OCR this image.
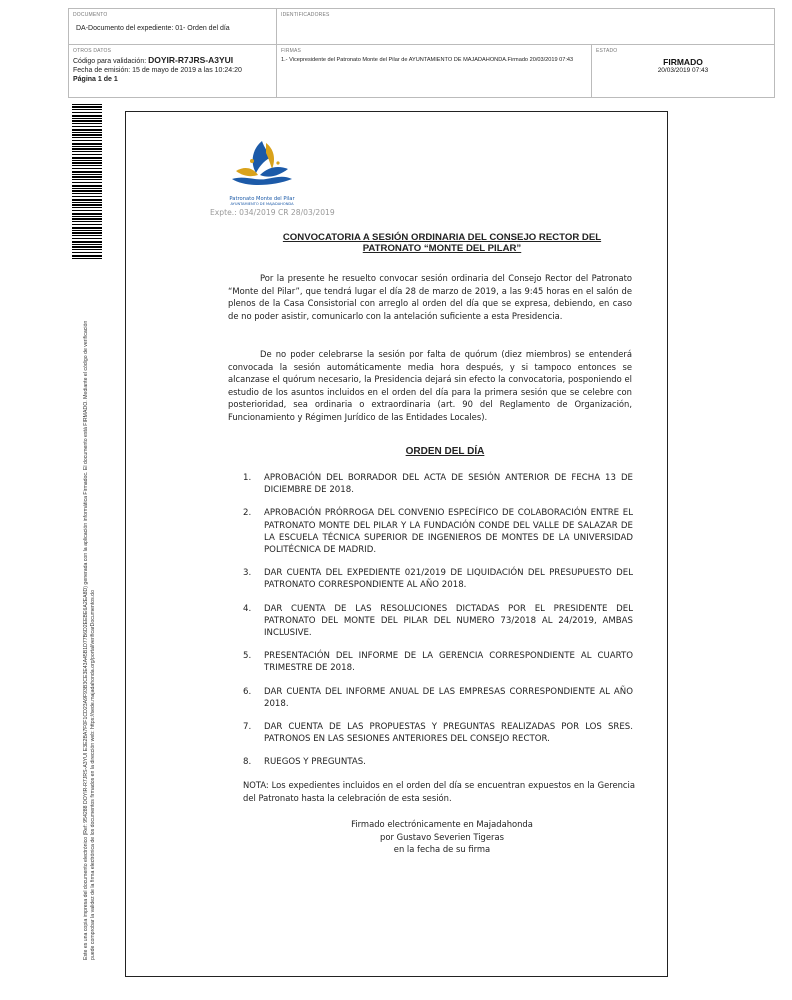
DOCUMENTO
DA-Documento del expediente: 01- Orden del día
IDENTIFICADORES
OTROS DATOS
Código para validación: DOYIR-R7JRS-A3YUI
Fecha de emisión: 15 de mayo de 2019 a las 10:24:20
Página 1 de 1
FIRMAS
1.- Vicepresidente del Patronato Monte del Pilar de AYUNTAMIENTO DE MAJADAHONDA.Firmado 20/03/2019 07:43
ESTADO
FIRMADO
20/03/2019 07:43
Este es una copia impresa del documento electrónico (Ref: 954288 DOYIR-R7JRS-A3YUI E3E2BA7F0F1CD23A9F93B3CE3E43A45B1D77B6D2EEBE6A2EA8D) generada con la aplicación informática Firmadoc. El documento está FIRMADO. Mediante el código de verificación puede comprobar la validez de la firma electrónica de los documentos firmados en la dirección web: https://sede.majadahonda.org/portal/verificarDocumentos.do
Patronato Monte del Pilar
AYUNTAMIENTO DE MAJADAHONDA
Expte.: 034/2019 CR 28/03/2019
CONVOCATORIA A SESIÓN ORDINARIA DEL CONSEJO RECTOR DEL
PATRONATO “MONTE DEL PILAR”
Por la presente he resuelto convocar sesión ordinaria del Consejo Rector del Patronato “Monte del Pilar”, que tendrá lugar el día 28 de marzo de 2019, a las 9:45 horas en el salón de plenos de la Casa Consistorial con arreglo al orden del día que se expresa, debiendo, en caso de no poder asistir, comunicarlo con la antelación suficiente a esta Presidencia.
De no poder celebrarse la sesión por falta de quórum (diez miembros) se entenderá convocada la sesión automáticamente media hora después, y si tampoco entonces se alcanzase el quórum necesario, la Presidencia dejará sin efecto la convocatoria, posponiendo el estudio de los asuntos incluidos en el orden del día para la primera sesión que se celebre con posterioridad, sea ordinaria o extraordinaria (art. 90 del Reglamento de Organización, Funcionamiento y Régimen Jurídico de las Entidades Locales).
ORDEN DEL DÍA
1. APROBACIÓN DEL BORRADOR DEL ACTA DE SESIÓN ANTERIOR DE FECHA 13 DE DICIEMBRE DE 2018.
2. APROBACIÓN PRÓRROGA DEL CONVENIO ESPECÍFICO DE COLABORACIÓN ENTRE EL PATRONATO MONTE DEL PILAR Y LA FUNDACIÓN CONDE DEL VALLE DE SALAZAR DE LA ESCUELA TÉCNICA SUPERIOR DE INGENIEROS DE MONTES DE LA UNIVERSIDAD POLITÉCNICA DE MADRID.
3. DAR CUENTA DEL EXPEDIENTE 021/2019 DE LIQUIDACIÓN DEL PRESUPUESTO DEL PATRONATO CORRESPONDIENTE AL AÑO 2018.
4. DAR CUENTA DE LAS RESOLUCIONES DICTADAS POR EL PRESIDENTE DEL PATRONATO DEL MONTE DEL PILAR DEL NUMERO 73/2018 AL 24/2019, AMBAS INCLUSIVE.
5. PRESENTACIÓN DEL INFORME DE LA GERENCIA CORRESPONDIENTE AL CUARTO TRIMESTRE DE 2018.
6. DAR CUENTA DEL INFORME ANUAL DE LAS EMPRESAS CORRESPONDIENTE AL AÑO 2018.
7. DAR CUENTA DE LAS PROPUESTAS Y PREGUNTAS REALIZADAS POR LOS SRES. PATRONOS EN LAS SESIONES ANTERIORES DEL CONSEJO RECTOR.
8. RUEGOS Y PREGUNTAS.
NOTA: Los expedientes incluidos en el orden del día se encuentran expuestos en la Gerencia del Patronato hasta la celebración de esta sesión.
Firmado electrónicamente en Majadahonda
por Gustavo Severien Tigeras
en la fecha de su firma
